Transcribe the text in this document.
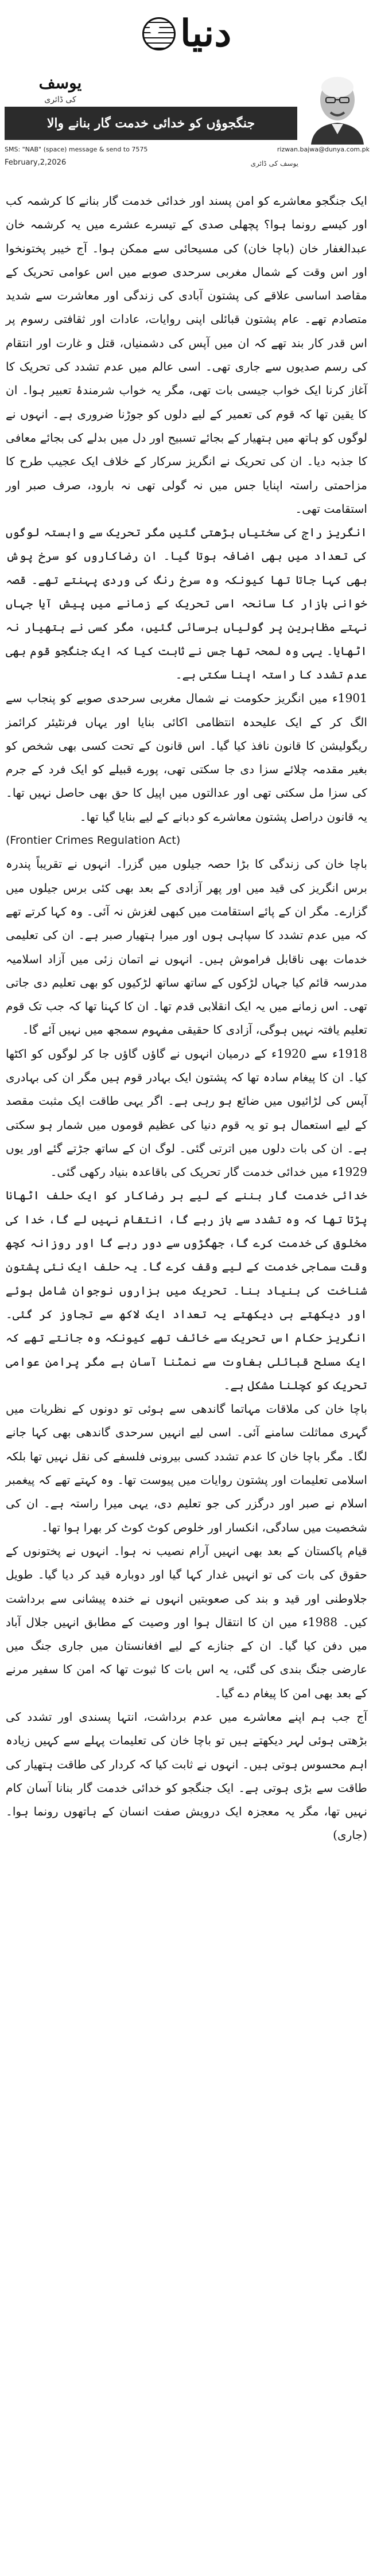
دنیا
یوسف
کی ڈائری
جنگجوؤں کو خدائی خدمت گار بنانے والا
SMS: "NAB" (space) message & send to 7575	rizwan.bajwa@dunya.com.pk
February,2,2026	یوسف کی ڈائری

ایک جنگجو معاشرے کو امن پسند اور خدائی خدمت گار بنانے کا کرشمہ کب اور کیسے رونما ہوا؟ پچھلی صدی کے تیسرے عشرے میں یہ کرشمہ خان عبدالغفار خان (باچا خان) کی مسیحائی سے ممکن ہوا۔ آج خیبر پختونخوا اور اس وقت کے شمال مغربی سرحدی صوبے میں اس عوامی تحریک کے مقاصد اساسی علاقے کی پشتون آبادی کی زندگی اور معاشرت سے شدید متصادم تھے۔ عام پشتون قبائلی اپنی روایات، عادات اور ثقافتی رسوم پر اس قدر کار بند تھے کہ ان میں آپس کی دشمنیاں، قتل و غارت اور انتقام کی رسم صدیوں سے جاری تھی۔ اسی عالم میں عدم تشدد کی تحریک کا آغاز کرنا ایک خواب جیسی بات تھی، مگر یہ خواب شرمندۂ تعبیر ہوا۔ ان کا یقین تھا کہ قوم کی تعمیر کے لیے دلوں کو جوڑنا ضروری ہے۔ انہوں نے لوگوں کو ہاتھ میں ہتھیار کے بجائے تسبیح اور دل میں بدلے کی بجائے معافی کا جذبہ دیا۔ ان کی تحریک نے انگریز سرکار کے خلاف ایک عجیب طرح کا مزاحمتی راستہ اپنایا جس میں نہ گولی تھی نہ بارود، صرف صبر اور استقامت تھی۔

انگریز راج کی سختیاں بڑھتی گئیں مگر تحریک سے وابستہ لوگوں کی تعداد میں بھی اضافہ ہوتا گیا۔ ان رضاکاروں کو سرخ پوش بھی کہا جاتا تھا کیونکہ وہ سرخ رنگ کی وردی پہنتے تھے۔ قصہ خوانی بازار کا سانحہ اسی تحریک کے زمانے میں پیش آیا جہاں نہتے مظاہرین پر گولیاں برسائی گئیں، مگر کسی نے ہتھیار نہ اٹھایا۔ یہی وہ لمحہ تھا جس نے ثابت کیا کہ ایک جنگجو قوم بھی عدم تشدد کا راستہ اپنا سکتی ہے۔

1901ء میں انگریز حکومت نے شمال مغربی سرحدی صوبے کو پنجاب سے الگ کر کے ایک علیحدہ انتظامی اکائی بنایا اور یہاں فرنٹیئر کرائمز ریگولیشن کا قانون نافذ کیا گیا۔ اس قانون کے تحت کسی بھی شخص کو بغیر مقدمہ چلائے سزا دی جا سکتی تھی، پورے قبیلے کو ایک فرد کے جرم کی سزا مل سکتی تھی اور عدالتوں میں اپیل کا حق بھی حاصل نہیں تھا۔ یہ قانون دراصل پشتون معاشرے کو دبانے کے لیے بنایا گیا تھا۔

(Frontier Crimes Regulation Act)

باچا خان کی زندگی کا بڑا حصہ جیلوں میں گزرا۔ انہوں نے تقریباً پندرہ برس انگریز کی قید میں اور پھر آزادی کے بعد بھی کئی برس جیلوں میں گزارے۔ مگر ان کے پائے استقامت میں کبھی لغزش نہ آئی۔ وہ کہا کرتے تھے کہ میں عدم تشدد کا سپاہی ہوں اور میرا ہتھیار صبر ہے۔ ان کی تعلیمی خدمات بھی ناقابل فراموش ہیں۔ انہوں نے اتمان زئی میں آزاد اسلامیہ مدرسہ قائم کیا جہاں لڑکوں کے ساتھ ساتھ لڑکیوں کو بھی تعلیم دی جاتی تھی۔ اس زمانے میں یہ ایک انقلابی قدم تھا۔ ان کا کہنا تھا کہ جب تک قوم تعلیم یافتہ نہیں ہوگی، آزادی کا حقیقی مفہوم سمجھ میں نہیں آئے گا۔

1918ء سے 1920ء کے درمیان انہوں نے گاؤں گاؤں جا کر لوگوں کو اکٹھا کیا۔ ان کا پیغام سادہ تھا کہ پشتون ایک بہادر قوم ہیں مگر ان کی بہادری آپس کی لڑائیوں میں ضائع ہو رہی ہے۔ اگر یہی طاقت ایک مثبت مقصد کے لیے استعمال ہو تو یہ قوم دنیا کی عظیم قوموں میں شمار ہو سکتی ہے۔ ان کی بات دلوں میں اترتی گئی۔ لوگ ان کے ساتھ جڑتے گئے اور یوں 1929ء میں خدائی خدمت گار تحریک کی باقاعدہ بنیاد رکھی گئی۔

خدائی خدمت گار بننے کے لیے ہر رضاکار کو ایک حلف اٹھانا پڑتا تھا کہ وہ تشدد سے باز رہے گا، انتقام نہیں لے گا، خدا کی مخلوق کی خدمت کرے گا، جھگڑوں سے دور رہے گا اور روزانہ کچھ وقت سماجی خدمت کے لیے وقف کرے گا۔ یہ حلف ایک نئی پشتون شناخت کی بنیاد بنا۔ تحریک میں ہزاروں نوجوان شامل ہوئے اور دیکھتے ہی دیکھتے یہ تعداد ایک لاکھ سے تجاوز کر گئی۔ انگریز حکام اس تحریک سے خائف تھے کیونکہ وہ جانتے تھے کہ ایک مسلح قبائلی بغاوت سے نمٹنا آسان ہے مگر پرامن عوامی تحریک کو کچلنا مشکل ہے۔

باچا خان کی ملاقات مہاتما گاندھی سے ہوئی تو دونوں کے نظریات میں گہری مماثلت سامنے آئی۔ اسی لیے انہیں سرحدی گاندھی بھی کہا جانے لگا۔ مگر باچا خان کا عدم تشدد کسی بیرونی فلسفے کی نقل نہیں تھا بلکہ اسلامی تعلیمات اور پشتون روایات میں پیوست تھا۔ وہ کہتے تھے کہ پیغمبر اسلام نے صبر اور درگزر کی جو تعلیم دی، یہی میرا راستہ ہے۔ ان کی شخصیت میں سادگی، انکسار اور خلوص کوٹ کوٹ کر بھرا ہوا تھا۔

قیام پاکستان کے بعد بھی انہیں آرام نصیب نہ ہوا۔ انہوں نے پختونوں کے حقوق کی بات کی تو انہیں غدار کہا گیا اور دوبارہ قید کر دیا گیا۔ طویل جلاوطنی اور قید و بند کی صعوبتیں انہوں نے خندہ پیشانی سے برداشت کیں۔ 1988ء میں ان کا انتقال ہوا اور وصیت کے مطابق انہیں جلال آباد میں دفن کیا گیا۔ ان کے جنازے کے لیے افغانستان میں جاری جنگ میں عارضی جنگ بندی کی گئی، یہ اس بات کا ثبوت تھا کہ امن کا سفیر مرنے کے بعد بھی امن کا پیغام دے گیا۔

آج جب ہم اپنے معاشرے میں عدم برداشت، انتہا پسندی اور تشدد کی بڑھتی ہوئی لہر دیکھتے ہیں تو باچا خان کی تعلیمات پہلے سے کہیں زیادہ اہم محسوس ہوتی ہیں۔ انہوں نے ثابت کیا کہ کردار کی طاقت ہتھیار کی طاقت سے بڑی ہوتی ہے۔ ایک جنگجو کو خدائی خدمت گار بنانا آسان کام نہیں تھا، مگر یہ معجزہ ایک درویش صفت انسان کے ہاتھوں رونما ہوا۔ (جاری)
